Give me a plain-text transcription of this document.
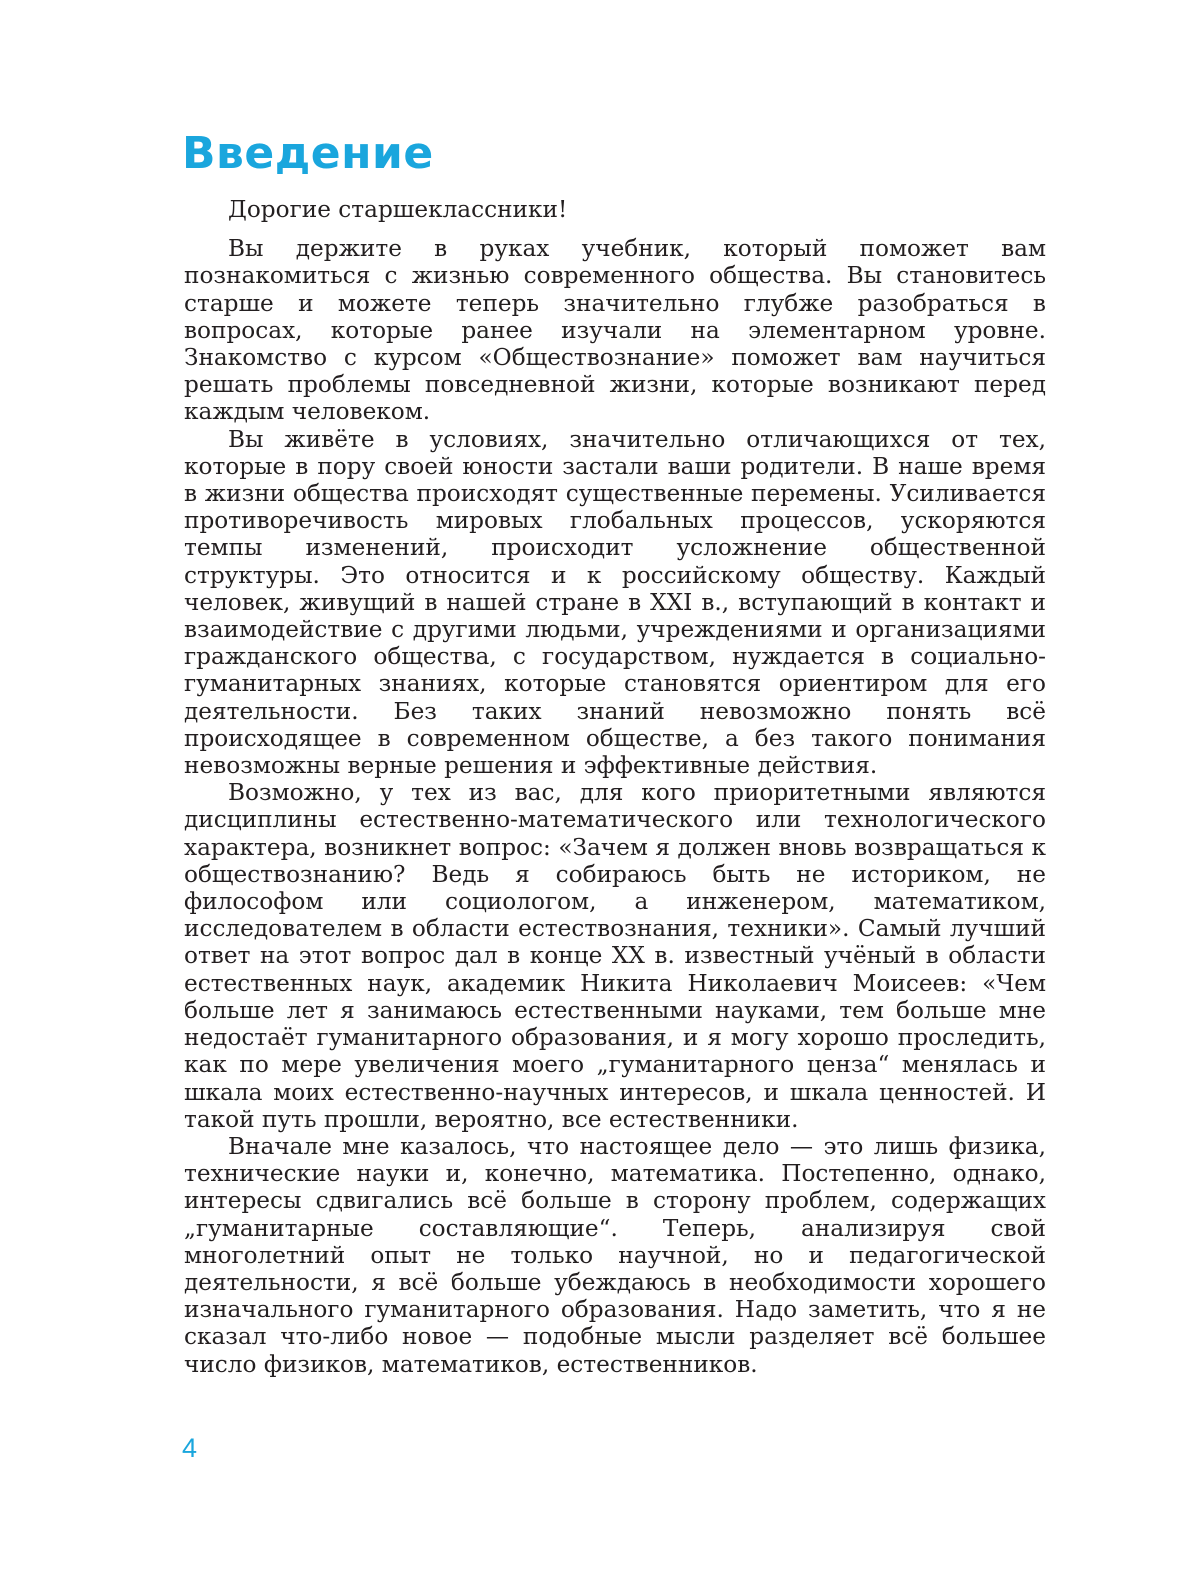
Введение

Дорогие старшеклассники!

Вы держите в руках учебник, который поможет вам познакомиться с жизнью современного общества. Вы становитесь старше и можете теперь значительно глубже разобраться в вопросах, которые ранее изучали на элементарном уровне. Знакомство с курсом «Обществознание» поможет вам научиться решать проблемы повседневной жизни, которые возникают перед каждым человеком.

Вы живёте в условиях, значительно отличающихся от тех, которые в пору своей юности застали ваши родители. В наше время в жизни общества происходят существенные перемены. Усиливается противоречивость мировых глобальных процессов, ускоряются темпы изменений, происходит усложнение общественной структуры. Это относится и к российскому обществу. Каждый человек, живущий в нашей стране в XXI в., вступающий в контакт и взаимодействие с другими людьми, учреждениями и организациями гражданского общества, с государством, нуждается в социально-гуманитарных знаниях, которые становятся ориентиром для его деятельности. Без таких знаний невозможно понять всё происходящее в современном обществе, а без такого понимания невозможны верные решения и эффективные действия.

Возможно, у тех из вас, для кого приоритетными являются дисциплины естественно-математического или технологического характера, возникнет вопрос: «Зачем я должен вновь возвращаться к обществознанию? Ведь я собираюсь быть не историком, не философом или социологом, а инженером, математиком, исследователем в области естествознания, техники». Самый лучший ответ на этот вопрос дал в конце XX в. известный учёный в области естественных наук, академик Никита Николаевич Моисеев: «Чем больше лет я занимаюсь естественными науками, тем больше мне недостаёт гуманитарного образования, и я могу хорошо проследить, как по мере увеличения моего „гуманитарного ценза“ менялась и шкала моих естественно-научных интересов, и шкала ценностей. И такой путь прошли, вероятно, все естественники.

Вначале мне казалось, что настоящее дело — это лишь физика, технические науки и, конечно, математика. Постепенно, однако, интересы сдвигались всё больше в сторону проблем, содержащих „гуманитарные составляющие“. Теперь, анализируя свой многолетний опыт не только научной, но и педагогической деятельности, я всё больше убеждаюсь в необходимости хорошего изначального гуманитарного образования. Надо заметить, что я не сказал что-либо новое — подобные мысли разделяет всё большее число физиков, математиков, естественников.

4
